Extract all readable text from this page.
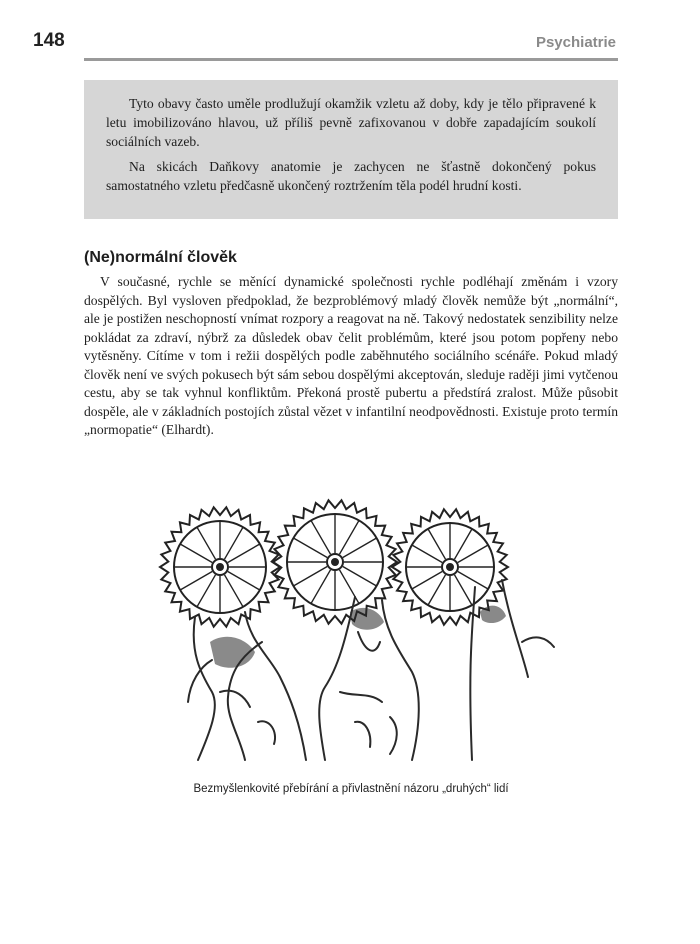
148	Psychiatrie

Tyto obavy často uměle prodlužují okamžik vzletu až doby, kdy je tělo připravené k letu imobilizováno hlavou, už příliš pevně zafixovanou v dobře zapadajícím soukolí sociálních vazeb.

Na skicách Daňkovy anatomie je zachycen ne šťastně dokončený pokus samostatného vzletu předčasně ukončený roztržením těla podél hrudní kosti.

(Ne)normální člověk

V současné, rychle se měnící dynamické společnosti rychle podléhají změnám i vzory dospělých. Byl vysloven předpoklad, že bezproblémový mladý člověk nemůže být „normální“, ale je postižen neschopností vnímat rozpory a reagovat na ně. Takový nedostatek senzibility nelze pokládat za zdraví, nýbrž za důsledek obav čelit problémům, které jsou potom popřeny nebo vytěsněny. Cítíme v tom i režii dospělých podle zaběhnutého sociálního scénáře. Pokud mladý člověk není ve svých pokusech být sám sebou dospělými akceptován, sleduje raději jimi vytčenou cestu, aby se tak vyhnul konfliktům. Překoná prostě pubertu a předstírá zralost. Může působit dospěle, ale v základních postojích zůstal vězet v infantilní neodpovědnosti. Existuje proto termín „normopatie“ (Elhardt).

Bezmyšlenkovité přebírání a přivlastnění názoru „druhých“ lidí
